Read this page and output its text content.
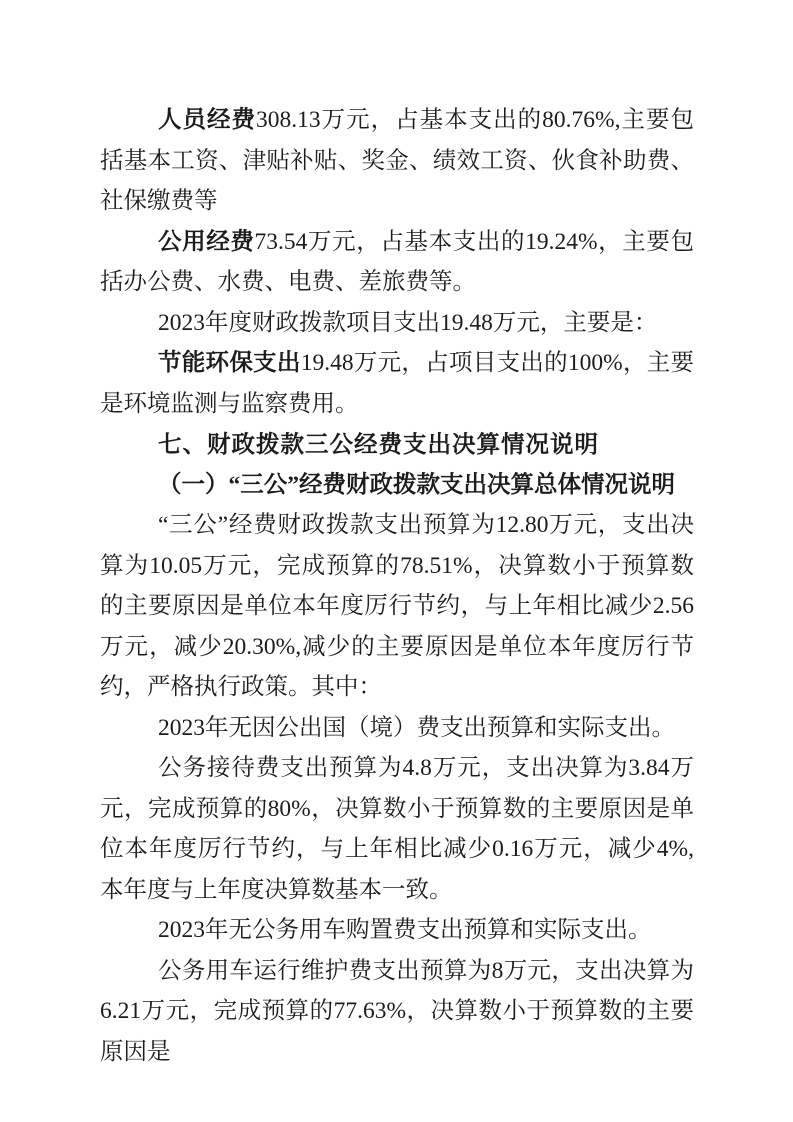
人员经费308.13万元，占基本支出的80.76%,主要包括基本工资、津贴补贴、奖金、绩效工资、伙食补助费、社保缴费等

公用经费73.54万元，占基本支出的19.24%，主要包括办公费、水费、电费、差旅费等。

2023年度财政拨款项目支出19.48万元，主要是：

节能环保支出19.48万元，占项目支出的100%，主要是环境监测与监察费用。

七、财政拨款三公经费支出决算情况说明

（一）“三公”经费财政拨款支出决算总体情况说明

“三公”经费财政拨款支出预算为12.80万元，支出决算为10.05万元，完成预算的78.51%，决算数小于预算数的主要原因是单位本年度厉行节约，与上年相比减少2.56万元，减少20.30%,减少的主要原因是单位本年度厉行节约，严格执行政策。其中：

2023年无因公出国（境）费支出预算和实际支出。

公务接待费支出预算为4.8万元，支出决算为3.84万元，完成预算的80%，决算数小于预算数的主要原因是单位本年度厉行节约，与上年相比减少0.16万元，减少4%,本年度与上年度决算数基本一致。

2023年无公务用车购置费支出预算和实际支出。

公务用车运行维护费支出预算为8万元，支出决算为6.21万元，完成预算的77.63%，决算数小于预算数的主要原因是
